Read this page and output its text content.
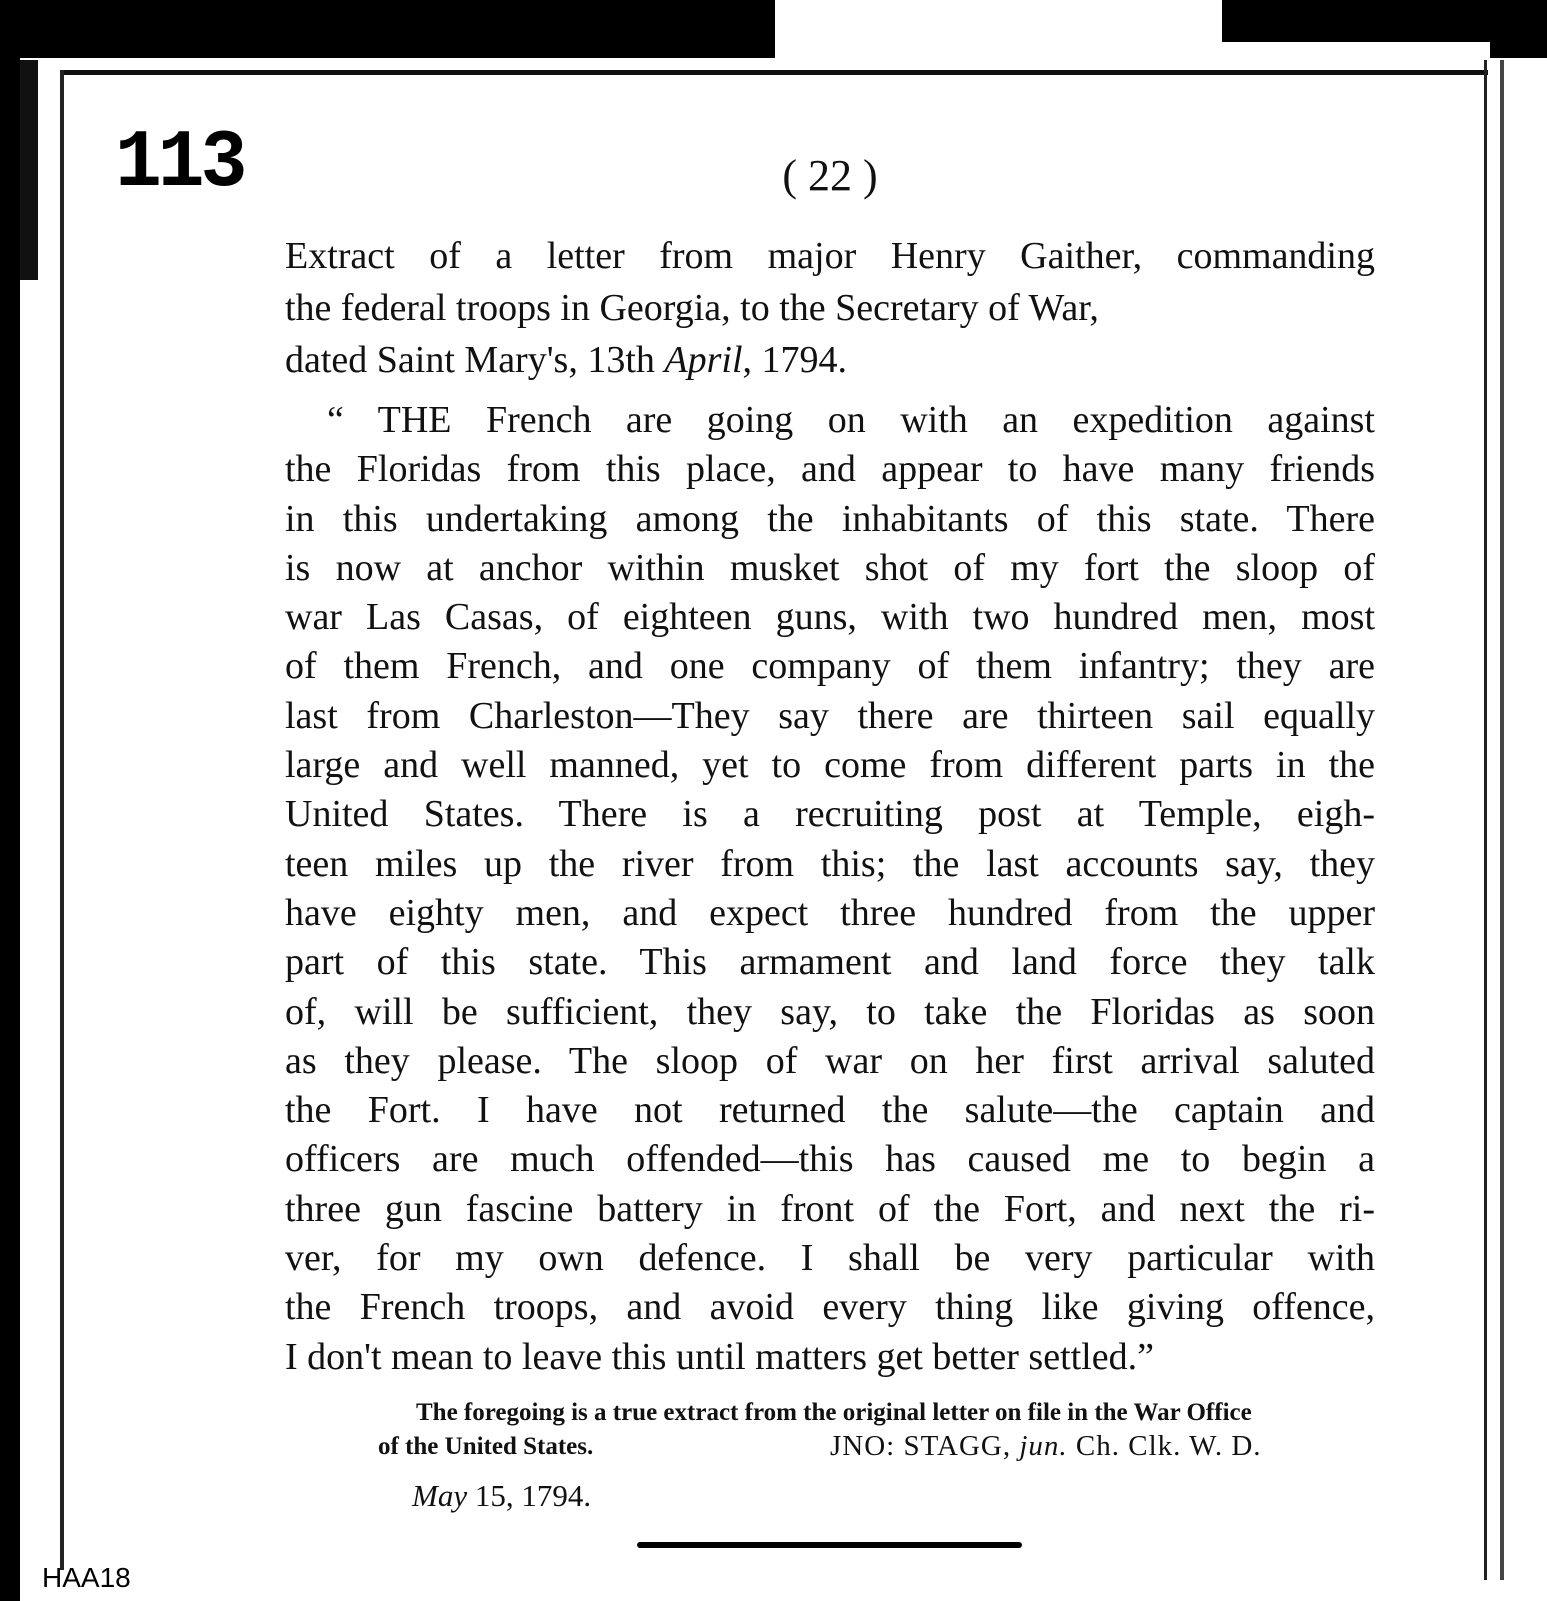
113	( 22 )
Extract of a letter from major Henry Gaither, commanding
the federal troops in Georgia, to the Secretary of War,
dated Saint Mary's, 13th April, 1794.
“ THE French are going on with an expedition against
the Floridas from this place, and appear to have many friends
in this undertaking among the inhabitants of this state. There
is now at anchor within musket shot of my fort the sloop of
war Las Casas, of eighteen guns, with two hundred men, most
of them French, and one company of them infantry; they are
last from Charleston—They say there are thirteen sail equally
large and well manned, yet to come from different parts in the
United States. There is a recruiting post at Temple, eigh-
teen miles up the river from this; the last accounts say, they
have eighty men, and expect three hundred from the upper
part of this state. This armament and land force they talk
of, will be sufficient, they say, to take the Floridas as soon
as they please. The sloop of war on her first arrival saluted
the Fort. I have not returned the salute—the captain and
officers are much offended—this has caused me to begin a
three gun fascine battery in front of the Fort, and next the ri-
ver, for my own defence. I shall be very particular with
the French troops, and avoid every thing like giving offence,
I don't mean to leave this until matters get better settled.”
The foregoing is a true extract from the original letter on file in the War Office
of the United States.	JNO: STAGG, jun. Ch. Clk. W. D.
May 15, 1794.
HAA18
